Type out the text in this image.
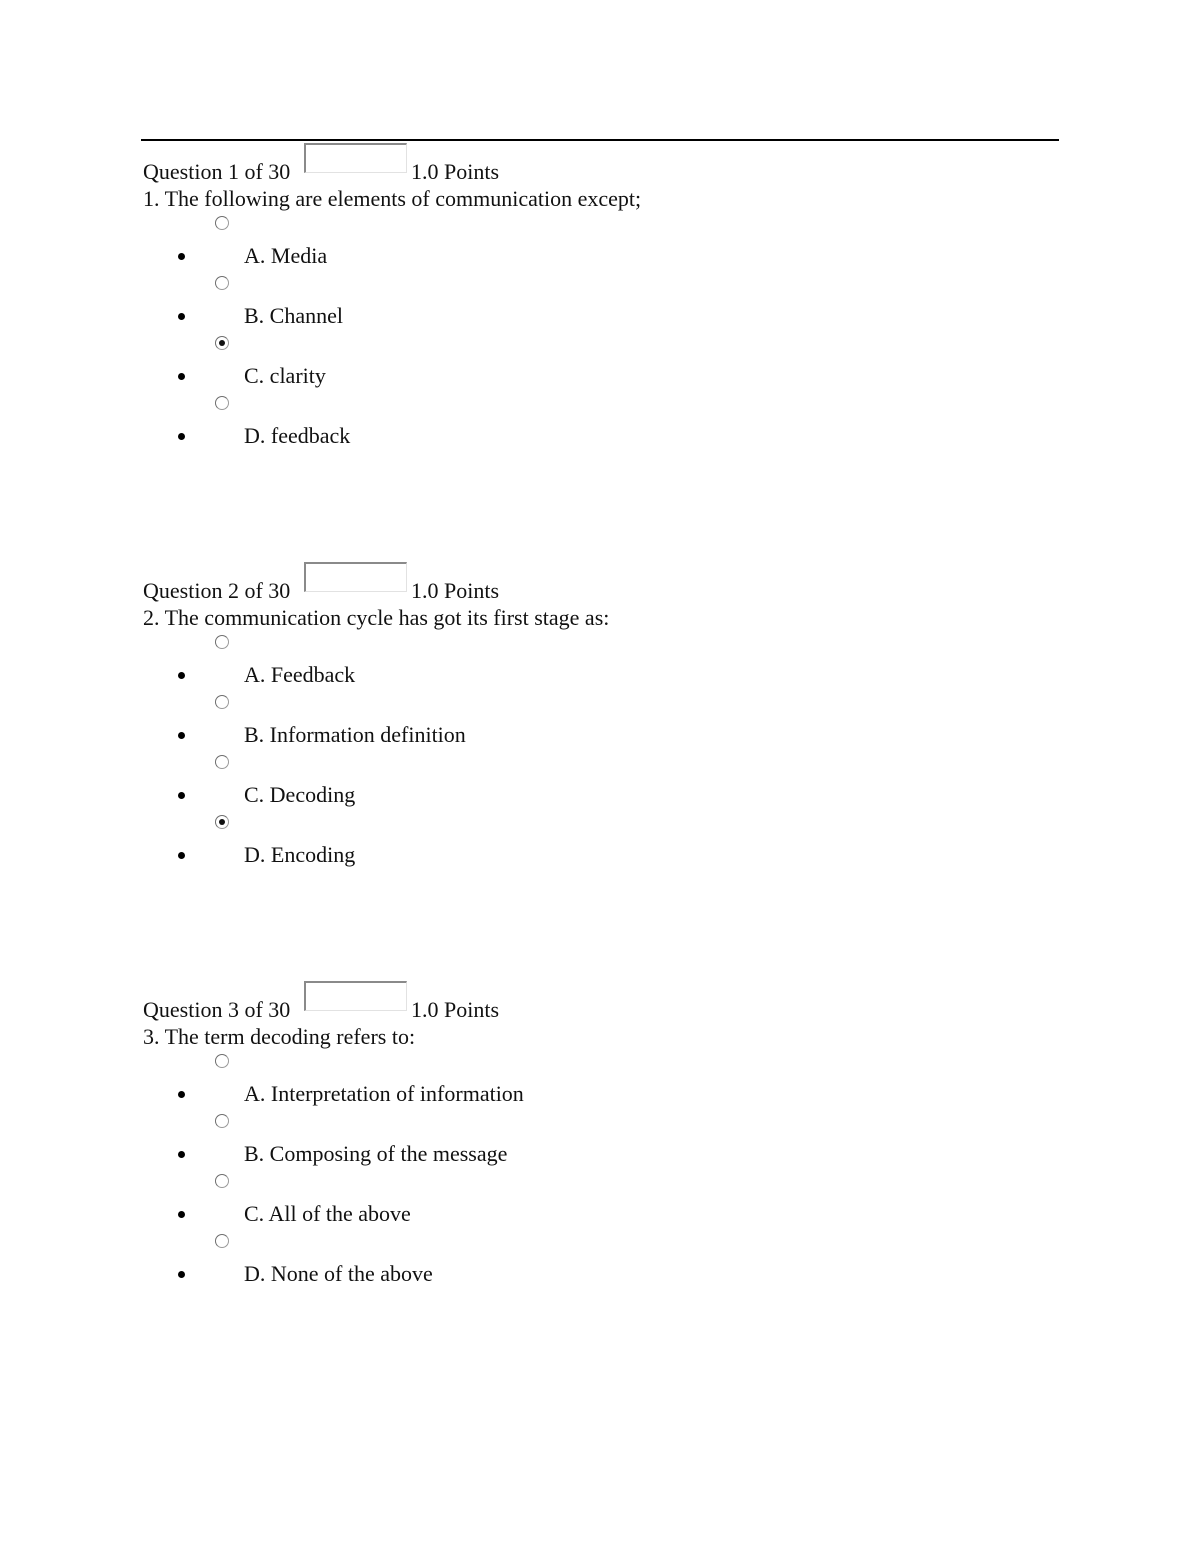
Question 1 of 30	1.0 Points
1. The following are elements of communication except;
A. Media
B. Channel
C. clarity
D. feedback
Question 2 of 30	1.0 Points
2. The communication cycle has got its first stage as:
A. Feedback
B. Information definition
C. Decoding
D. Encoding
Question 3 of 30	1.0 Points
3. The term decoding refers to:
A. Interpretation of information
B. Composing of the message
C. All of the above
D. None of the above
